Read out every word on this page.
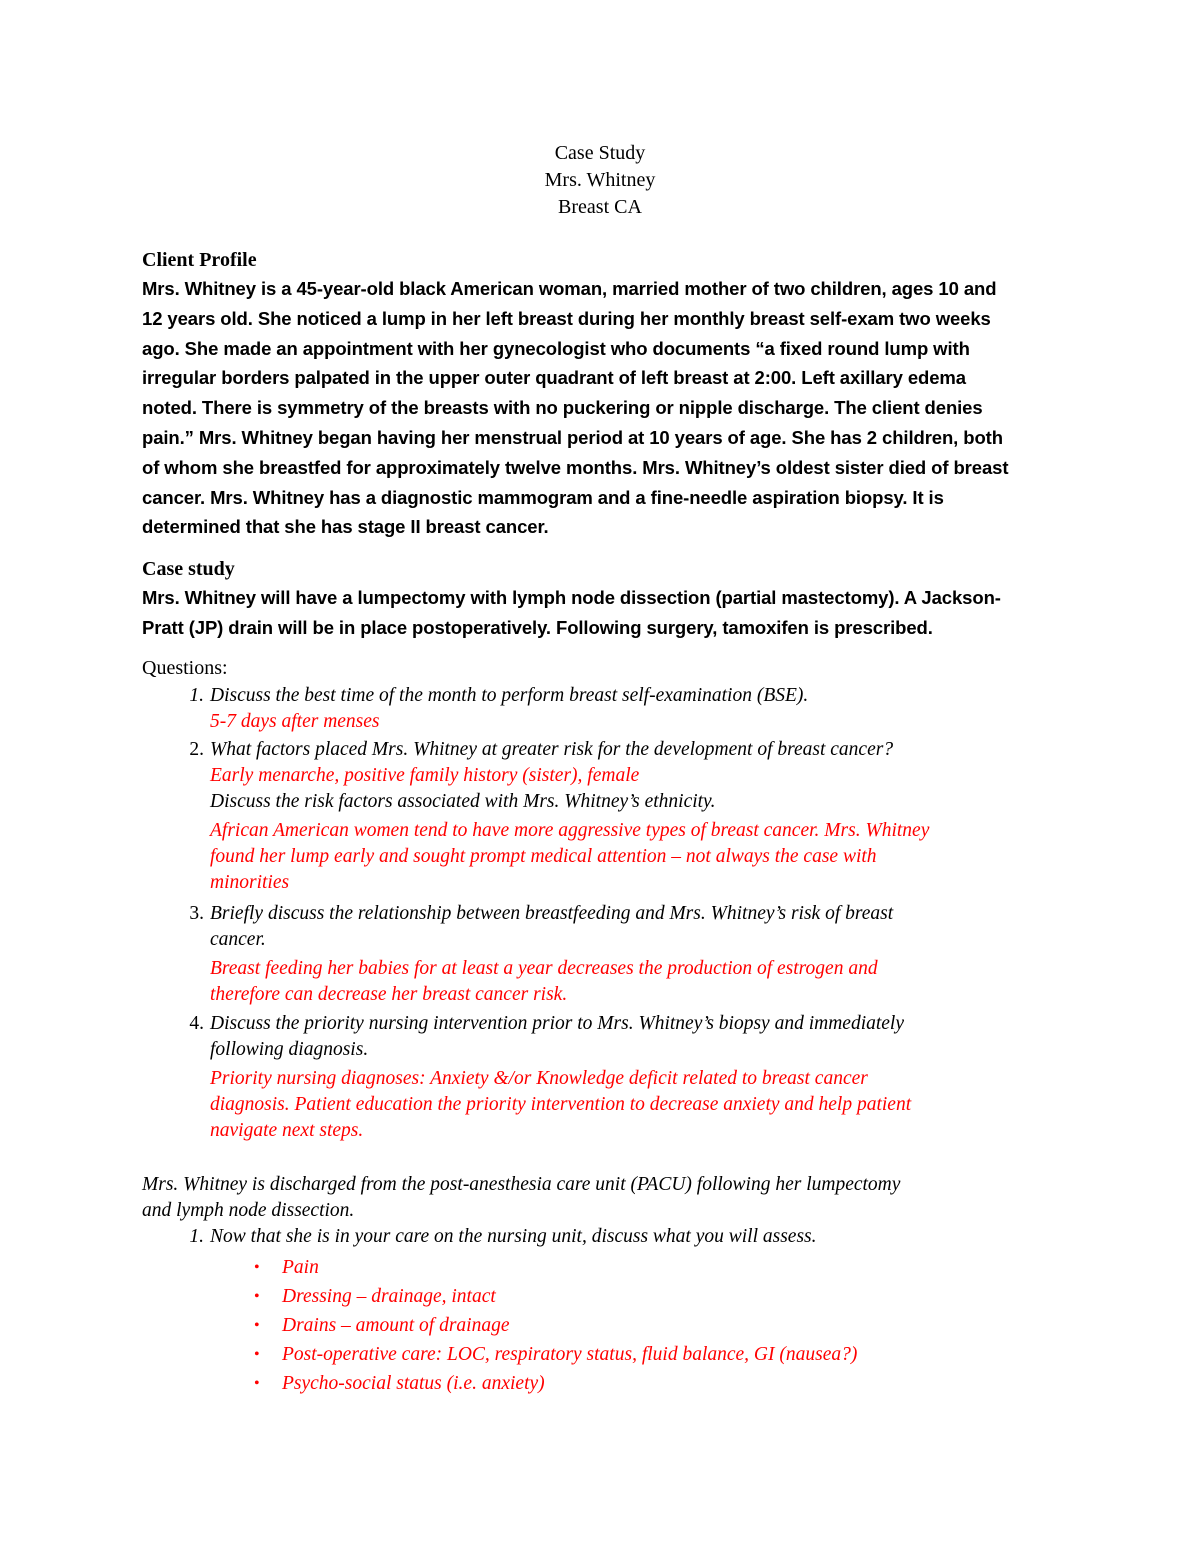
Case Study
Mrs. Whitney
Breast CA
Client Profile
Mrs. Whitney is a 45-year-old black American woman, married mother of two children, ages 10 and
12 years old. She noticed a lump in her left breast during her monthly breast self-exam two weeks
ago. She made an appointment with her gynecologist who documents “a fixed round lump with
irregular borders palpated in the upper outer quadrant of left breast at 2:00. Left axillary edema
noted. There is symmetry of the breasts with no puckering or nipple discharge. The client denies
pain.” Mrs. Whitney began having her menstrual period at 10 years of age. She has 2 children, both
of whom she breastfed for approximately twelve months. Mrs. Whitney’s oldest sister died of breast
cancer. Mrs. Whitney has a diagnostic mammogram and a fine-needle aspiration biopsy. It is
determined that she has stage II breast cancer.
Case study
Mrs. Whitney will have a lumpectomy with lymph node dissection (partial mastectomy). A Jackson-
Pratt (JP) drain will be in place postoperatively. Following surgery, tamoxifen is prescribed.
Questions:
1. Discuss the best time of the month to perform breast self-examination (BSE).
5-7 days after menses
2. What factors placed Mrs. Whitney at greater risk for the development of breast cancer?
Early menarche, positive family history (sister), female
Discuss the risk factors associated with Mrs. Whitney’s ethnicity.
African American women tend to have more aggressive types of breast cancer. Mrs. Whitney
found her lump early and sought prompt medical attention – not always the case with
minorities
3. Briefly discuss the relationship between breastfeeding and Mrs. Whitney’s risk of breast
cancer.
Breast feeding her babies for at least a year decreases the production of estrogen and
therefore can decrease her breast cancer risk.
4. Discuss the priority nursing intervention prior to Mrs. Whitney’s biopsy and immediately
following diagnosis.
Priority nursing diagnoses: Anxiety &/or Knowledge deficit related to breast cancer
diagnosis. Patient education the priority intervention to decrease anxiety and help patient
navigate next steps.
Mrs. Whitney is discharged from the post-anesthesia care unit (PACU) following her lumpectomy
and lymph node dissection.
1. Now that she is in your care on the nursing unit, discuss what you will assess.
• Pain
• Dressing – drainage, intact
• Drains – amount of drainage
• Post-operative care: LOC, respiratory status, fluid balance, GI (nausea?)
• Psycho-social status (i.e. anxiety)
